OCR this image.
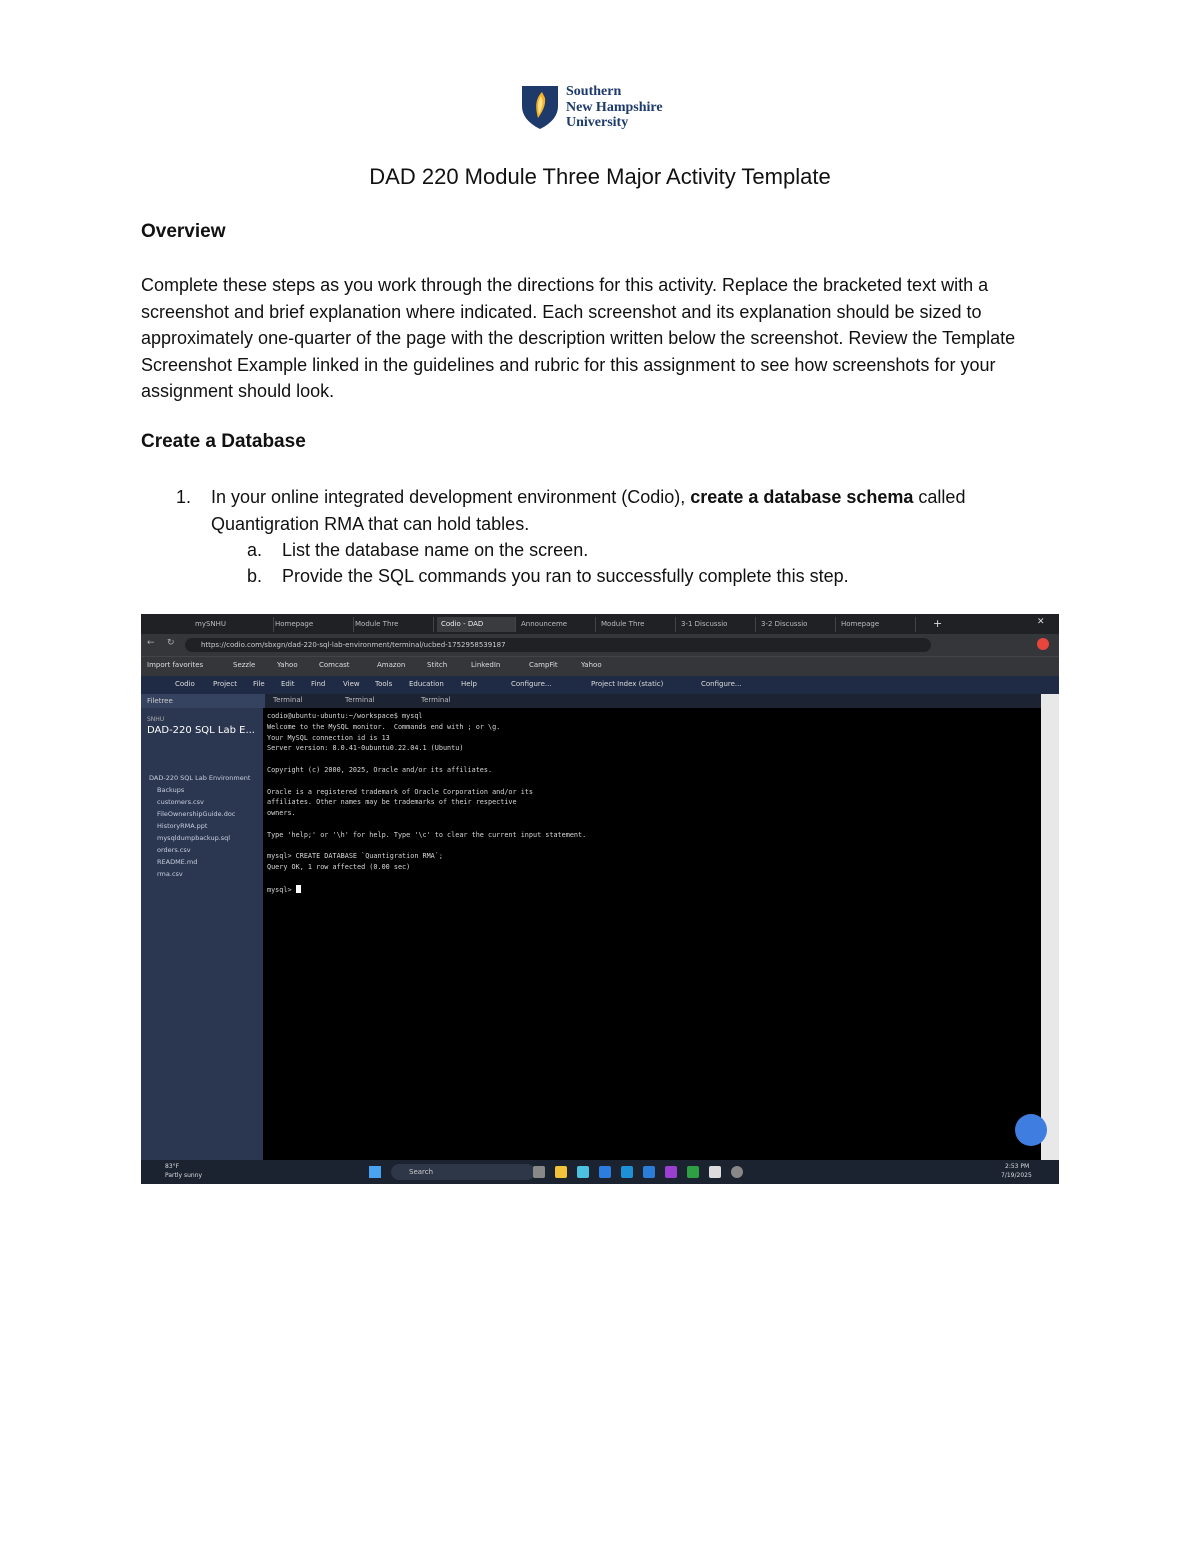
Southern
New Hampshire
University
DAD 220 Module Three Major Activity Template
Overview
Complete these steps as you work through the directions for this activity. Replace the bracketed text with a screenshot and brief explanation where indicated. Each screenshot and its explanation should be sized to approximately one-quarter of the page with the description written below the screenshot. Review the Template Screenshot Example linked in the guidelines and rubric for this assignment to see how screenshots for your assignment should look.
Create a Database
1. In your online integrated development environment (Codio), create a database schema called Quantigration RMA that can hold tables.
a. List the database name on the screen.
b. Provide the SQL commands you ran to successfully complete this step.
mySNHU	Homepage	Module Thre	Codio - DAD	Announceme	Module Thre	3-1 Discussio	3-2 Discussio	Homepage	+	✕
← ↻	https://codio.com/sbxgn/dad-220-sql-lab-environment/terminal/ucbed-1752958539187
Import favorites	Sezzle	Yahoo	Comcast	Amazon	Stitch	LinkedIn	CampFit	Yahoo
Codio	Project File Edit Find	View Tools Education Help	Configure...	Project Index (static)	Configure...
Filetree
SNHU
DAD-220 SQL Lab E...
DAD-220 SQL Lab Environment
Backups
customers.csv
FileOwnershipGuide.doc
HistoryRMA.ppt
mysqldumpbackup.sql
orders.csv
README.md
rma.csv
Terminal	Terminal	Terminal
codio@ubuntu-ubuntu:~/workspace$ mysql
Welcome to the MySQL monitor.  Commands end with ; or \g.
Your MySQL connection id is 13
Server version: 8.0.41-0ubuntu0.22.04.1 (Ubuntu)
Copyright (c) 2000, 2025, Oracle and/or its affiliates.
Oracle is a registered trademark of Oracle Corporation and/or its
affiliates. Other names may be trademarks of their respective
owners.
Type 'help;' or '\h' for help. Type '\c' to clear the current input statement.
mysql> CREATE DATABASE `Quantigration RMA`;
Query OK, 1 row affected (0.00 sec)
mysql>
83°F
Partly sunny	Search
2:53 PM
7/19/2025
